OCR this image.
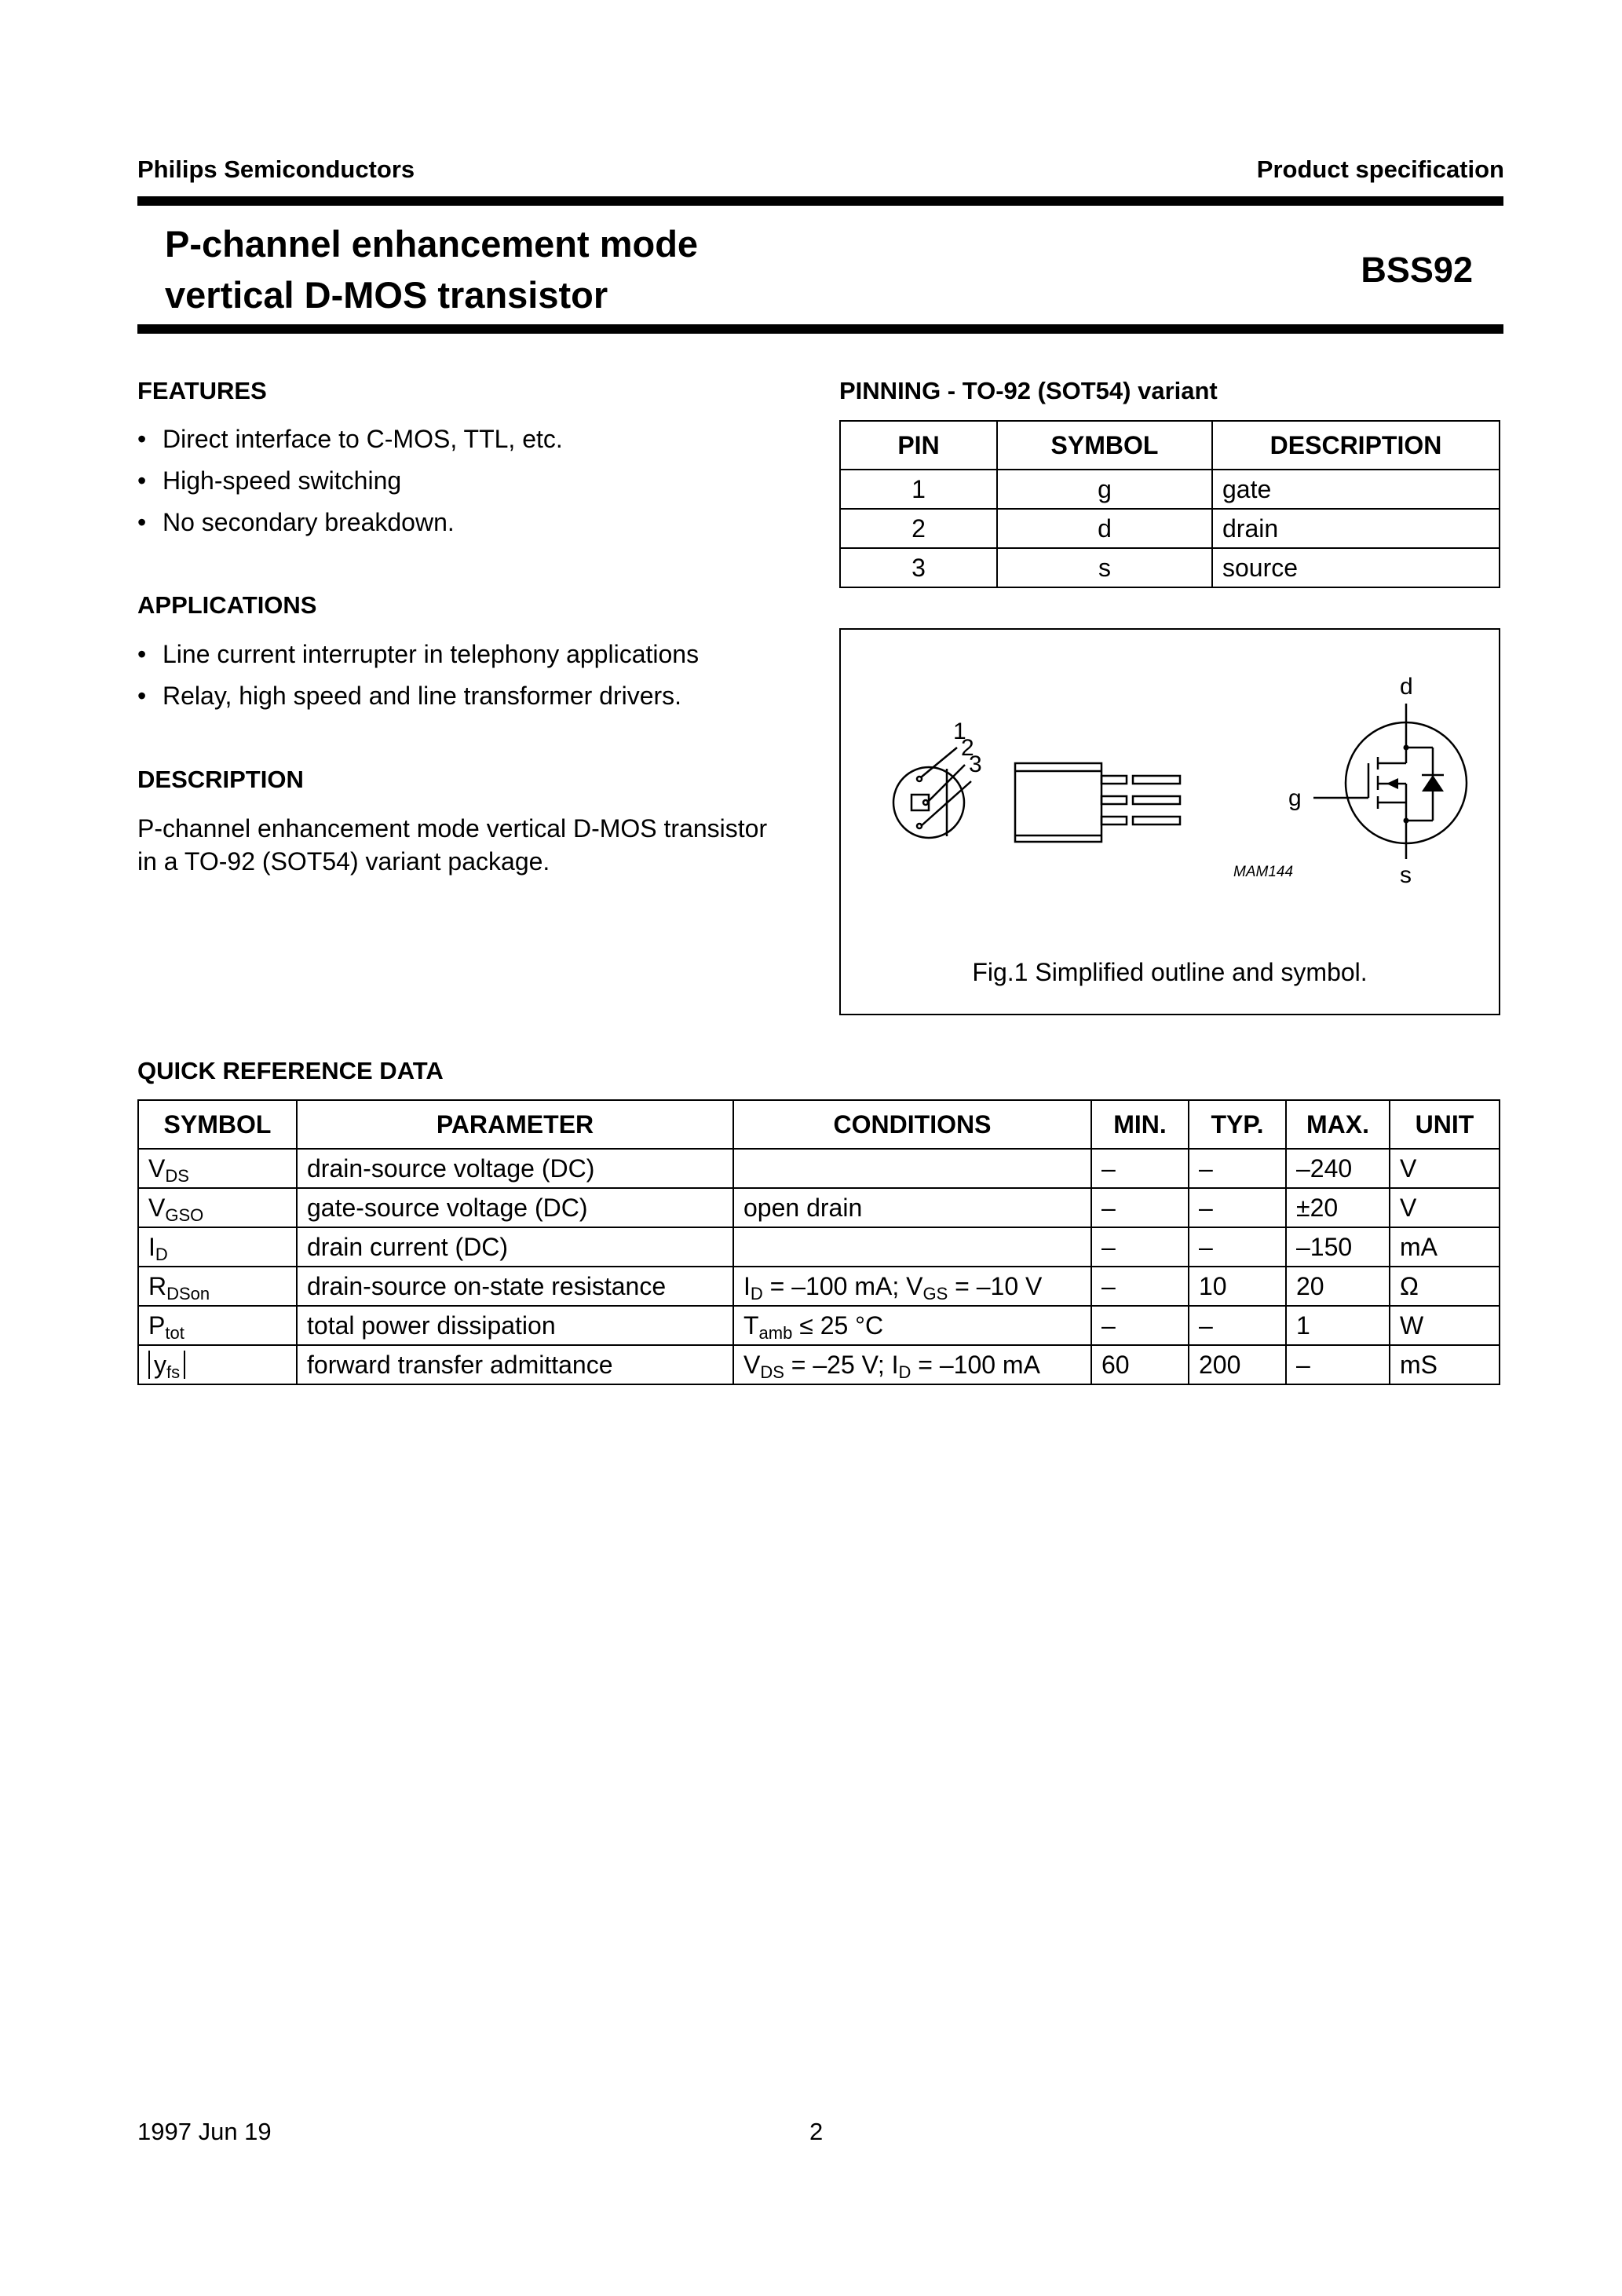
Philips Semiconductors	Product specification
P-channel enhancement mode
vertical D-MOS transistor
BSS92
FEATURES
• Direct interface to C-MOS, TTL, etc.
• High-speed switching
• No secondary breakdown.
APPLICATIONS
• Line current interrupter in telephony applications
• Relay, high speed and line transformer drivers.
DESCRIPTION
P-channel enhancement mode vertical D-MOS transistor
in a TO-92 (SOT54) variant package.
PINNING - TO-92 (SOT54) variant
PIN	SYMBOL	DESCRIPTION
1	g	gate
2	d	drain
3	s	source
1
2
3
d
g
s
MAM144
Fig.1 Simplified outline and symbol.
QUICK REFERENCE DATA
SYMBOL	PARAMETER	CONDITIONS	MIN.	TYP.	MAX.	UNIT
$V_{DS}$	drain-source voltage (DC)		–	–	–240	V
$V_{GSO}$	gate-source voltage (DC)	open drain	–	–	±20	V
$I_D$	drain current (DC)		–	–	–150	mA
$R_{DSon}$	drain-source on-state resistance	$I_D = -100$ mA; $V_{GS} = -10$ V	–	10	20	Ω
$P_{tot}$	total power dissipation	$T_{amb} \le 25$ °C	–	–	1	W
$y_{fs}$	forward transfer admittance	$V_{DS} = -25$ V; $I_D = -100$ mA	60	200	–	mS
1997 Jun 19	2
